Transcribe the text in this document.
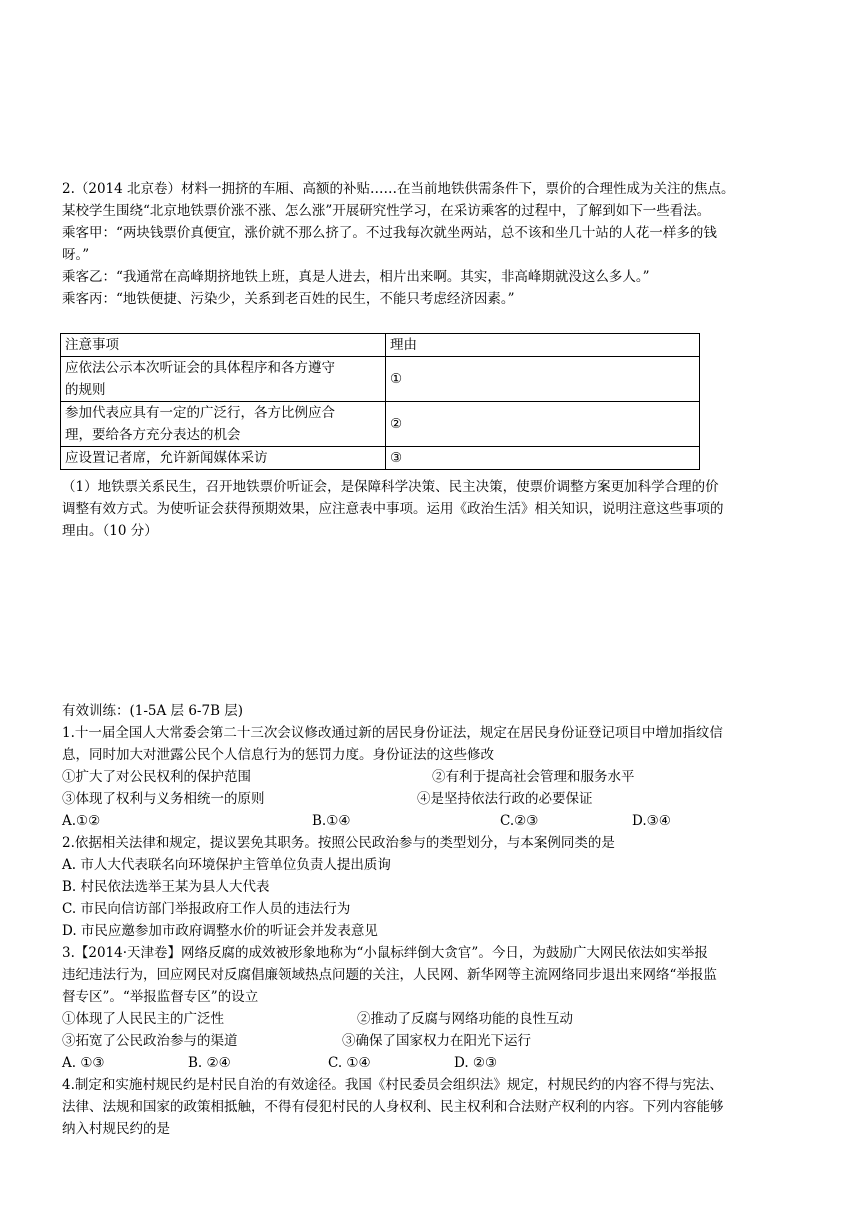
2.（2014 北京卷）材料一拥挤的车厢、高额的补贴……在当前地铁供需条件下，票价的合理性成为关注的焦点。
某校学生围绕“北京地铁票价涨不涨、怎么涨”开展研究性学习，在采访乘客的过程中，了解到如下一些看法。
乘客甲：“两块钱票价真便宜，涨价就不那么挤了。不过我每次就坐两站，总不该和坐几十站的人花一样多的钱
呀。”
乘客乙：“我通常在高峰期挤地铁上班，真是人进去，相片出来啊。其实，非高峰期就没这么多人。”
乘客丙：“地铁便捷、污染少，关系到老百姓的民生，不能只考虑经济因素。”
注意事项	理由

应依法公示本次听证会的具体程序和各方遵守
的规则	①

参加代表应具有一定的广泛行，各方比例应合
理，要给各方充分表达的机会	②
应设置记者席，允许新闻媒体采访	③
（1）地铁票关系民生，召开地铁票价听证会，是保障科学决策、民主决策，使票价调整方案更加科学合理的价
调整有效方式。为使听证会获得预期效果，应注意表中事项。运用《政治生活》相关知识，说明注意这些事项的
理由。（10 分）
有效训练：(1-5A 层 6-7B 层)
1.十一届全国人大常委会第二十三次会议修改通过新的居民身份证法，规定在居民身份证登记项目中增加指纹信
息，同时加大对泄露公民个人信息行为的惩罚力度。身份证法的这些修改
①扩大了对公民权利的保护范围	②有利于提高社会管理和服务水平
③体现了权利与义务相统一的原则	④是坚持依法行政的必要保证
A.①②	B.①④	C.②③	D.③④
2.依据相关法律和规定，提议罢免其职务。按照公民政治参与的类型划分，与本案例同类的是
A. 市人大代表联名向环境保护主管单位负责人提出质询
B. 村民依法选举王某为县人大代表
C. 市民向信访部门举报政府工作人员的违法行为
D. 市民应邀参加市政府调整水价的听证会并发表意见
3.【2014·天津卷】网络反腐的成效被形象地称为“小鼠标绊倒大贪官”。今日，为鼓励广大网民依法如实举报
违纪违法行为，回应网民对反腐倡廉领域热点问题的关注，人民网、新华网等主流网络同步退出来网络“举报监
督专区”。“举报监督专区”的设立
①体现了人民民主的广泛性	②推动了反腐与网络功能的良性互动
③拓宽了公民政治参与的渠道	③确保了国家权力在阳光下运行
A. ①③	B. ②④	C. ①④	D. ②③
4.制定和实施村规民约是村民自治的有效途径。我国《村民委员会组织法》规定，村规民约的内容不得与宪法、
法律、法规和国家的政策相抵触，不得有侵犯村民的人身权利、民主权利和合法财产权利的内容。下列内容能够
纳入村规民约的是
